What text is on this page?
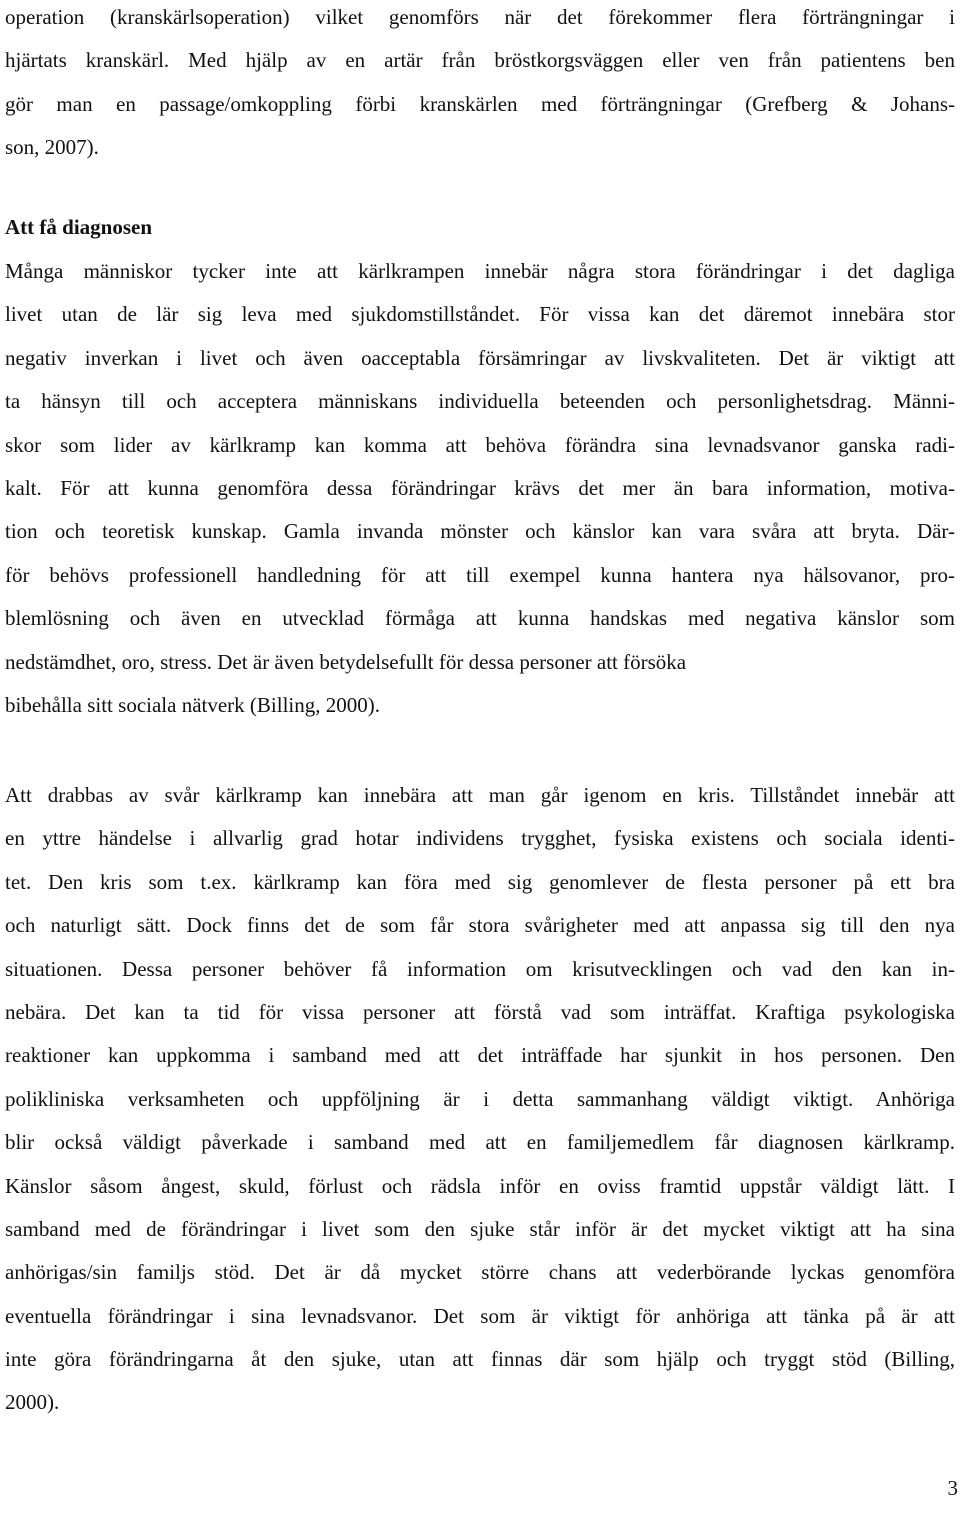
operation (kranskärlsoperation) vilket genomförs när det förekommer flera förträngningar i
hjärtats kranskärl. Med hjälp av en artär från bröstkorgsväggen eller ven från patientens ben
gör man en passage/omkoppling förbi kranskärlen med förträngningar (Grefberg & Johans-
son, 2007).
Att få diagnosen
Många människor tycker inte att kärlkrampen innebär några stora förändringar i det dagliga
livet utan de lär sig leva med sjukdomstillståndet. För vissa kan det däremot innebära stor
negativ inverkan i livet och även oacceptabla försämringar av livskvaliteten. Det är viktigt att
ta hänsyn till och acceptera människans individuella beteenden och personlighetsdrag. Männi-
skor som lider av kärlkramp kan komma att behöva förändra sina levnadsvanor ganska radi-
kalt. För att kunna genomföra dessa förändringar krävs det mer än bara information, motiva-
tion och teoretisk kunskap. Gamla invanda mönster och känslor kan vara svåra att bryta. Där-
för behövs professionell handledning för att till exempel kunna hantera nya hälsovanor, pro-
blemlösning och även en utvecklad förmåga att kunna handskas med negativa känslor som
nedstämdhet, oro, stress. Det är även betydelsefullt för dessa personer att försöka
bibehålla sitt sociala nätverk (Billing, 2000).
Att drabbas av svår kärlkramp kan innebära att man går igenom en kris. Tillståndet innebär att
en yttre händelse i allvarlig grad hotar individens trygghet, fysiska existens och sociala identi-
tet. Den kris som t.ex. kärlkramp kan föra med sig genomlever de flesta personer på ett bra
och naturligt sätt. Dock finns det de som får stora svårigheter med att anpassa sig till den nya
situationen. Dessa personer behöver få information om krisutvecklingen och vad den kan in-
nebära. Det kan ta tid för vissa personer att förstå vad som inträffat. Kraftiga psykologiska
reaktioner kan uppkomma i samband med att det inträffade har sjunkit in hos personen. Den
polikliniska verksamheten och uppföljning är i detta sammanhang väldigt viktigt. Anhöriga
blir också väldigt påverkade i samband med att en familjemedlem får diagnosen kärlkramp.
Känslor såsom ångest, skuld, förlust och rädsla inför en oviss framtid uppstår väldigt lätt. I
samband med de förändringar i livet som den sjuke står inför är det mycket viktigt att ha sina
anhörigas/sin familjs stöd. Det är då mycket större chans att vederbörande lyckas genomföra
eventuella förändringar i sina levnadsvanor. Det som är viktigt för anhöriga att tänka på är att
inte göra förändringarna åt den sjuke, utan att finnas där som hjälp och tryggt stöd (Billing,
2000).
3
